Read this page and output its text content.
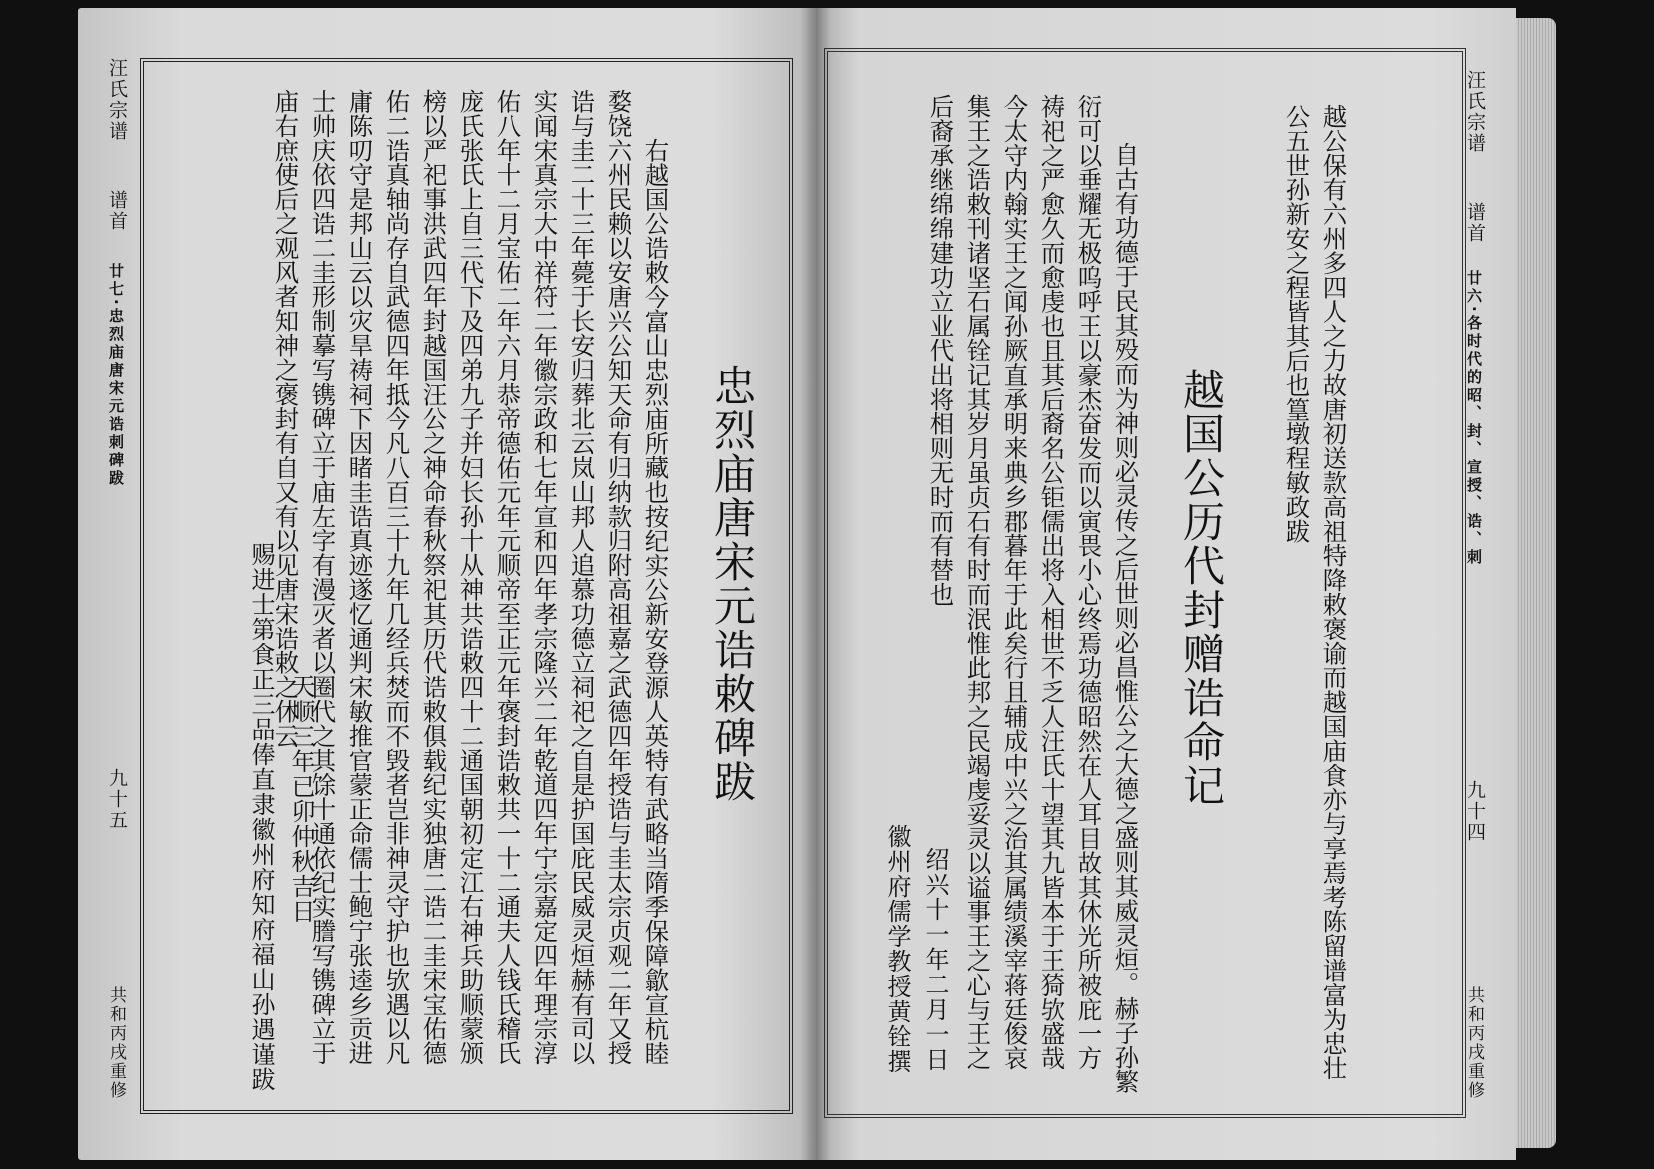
汪氏宗谱
谱首
廿七·忠烈庙唐宋元诰刺碑跋
九十五
共和丙戌重修
忠烈庙唐宋元诰敕碑跋
右越国公诰敕今富山忠烈庙所藏也按纪实公新安登源人英特有武略当隋季保障歙宣杭睦
婺饶六州民赖以安唐兴公知天命有归纳款归附高祖嘉之武德四年授诰与圭太宗贞观二年又授
诰与圭二十三年薨于长安归葬北云岚山邦人追慕功德立祠祀之自是护国庇民威灵烜赫有司以
实闻宋真宗大中祥符二年徽宗政和七年宣和四年孝宗隆兴二年乾道四年宁宗嘉定四年理宗淳
佑八年十二月宝佑二年六月恭帝德佑元年元顺帝至正元年褒封诰敕共一十二通夫人钱氏稽氏
庞氏张氏上自三代下及四弟九子并妇长孙十从神共诰敕四十二通国朝初定江右神兵助顺蒙颁
榜以严祀事洪武四年封越国汪公之神命春秋祭祀其历代诰敕俱载纪实独唐二诰二圭宋宝佑德
佑二诰真轴尚存自武德四年抵今凡八百三十九年几经兵焚而不毁者岂非神灵守护也欤遇以凡
庸陈叨守是邦山云以灾旱祷祠下因睹圭诰真迹遂忆通判宋敏推官蒙正命儒士鲍宁张逵乡贡进
士帅庆依四诰二圭形制摹写镌碑立于庙左字有漫灭者以圈代之其馀十通依纪实謄写镌碑立于
庙右庶使后之观风者知神之褒封有自又有以见唐宋诰敕之休云
天顺三年已卯仲秋吉日
赐进士第食正三品俸直隶徽州府知府福山孙遇谨跋	越公保有六州多四人之力故唐初送款高祖特降敕褒谕而越国庙食亦与享焉考陈留谱富为忠壮
公五世孙新安之程皆其后也篁墩程敏政跋
越国公历代封赠诰命记
自古有功德于民其殁而为神则必灵传之后世则必昌惟公之大德之盛则其威灵烜。赫子孙繁
衍可以垂耀无极呜呼王以豪杰奋发而以寅畏小心终焉功德昭然在人耳目故其休光所被庇一方
祷祀之严愈久而愈虔也且其后裔名公钜儒出将入相世不乏人汪氏十望其九皆本于王猗欤盛哉
今太守内翰实王之闻孙厥直承明来典乡郡暮年于此矣行且辅成中兴之治其属绩溪宰蒋廷俊哀
集王之诰敕刊诸坚石属铨记其岁月虽贞石有时而泯惟此邦之民竭虔妥灵以谥事王之心与王之
后裔承继绵绵建功立业代出将相则无时而有替也
绍兴十一年二月一日
徽州府儒学教授黄铨撰
汪氏宗谱
谱首
廿六·各时代的昭、封、宣授、诰、刺
九十四
共和丙戌重修
